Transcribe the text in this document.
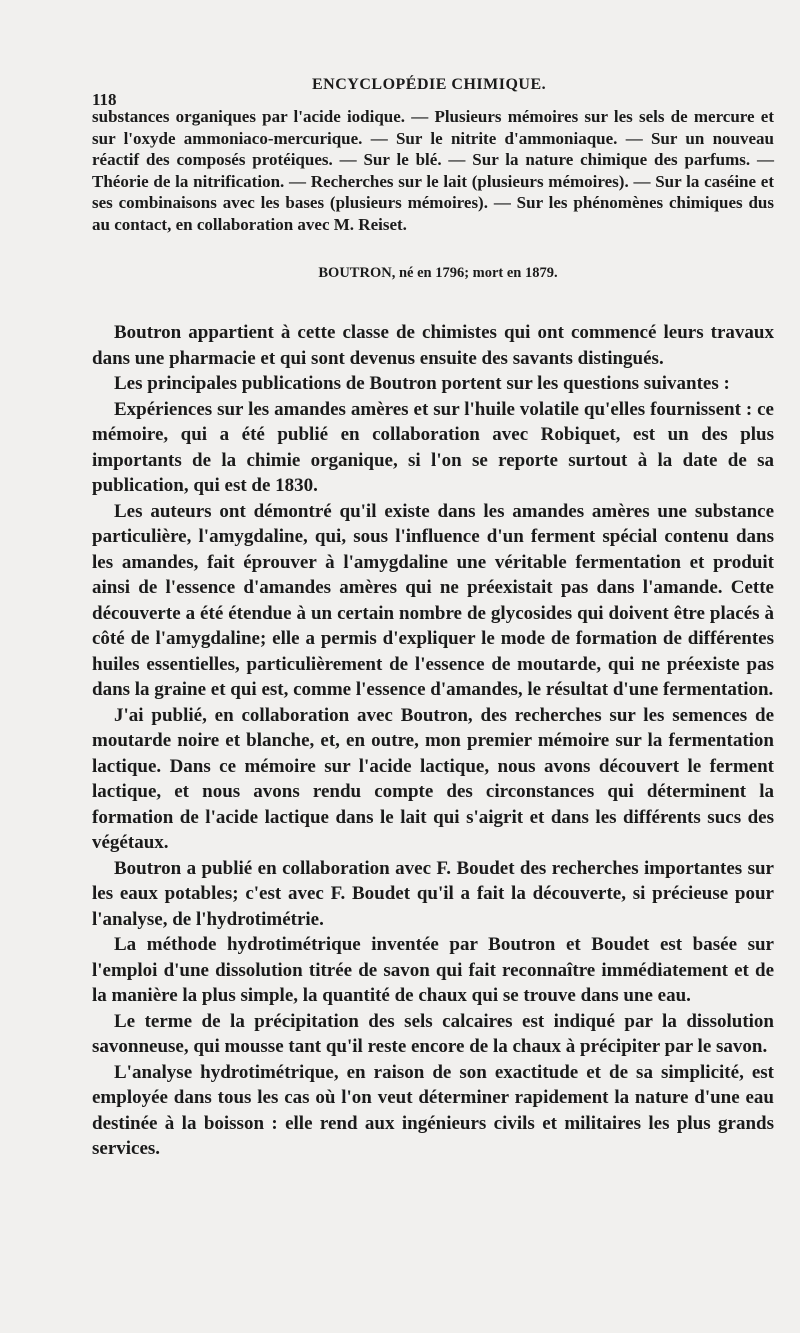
118
ENCYCLOPÉDIE CHIMIQUE.

substances organiques par l'acide iodique. — Plusieurs mémoires sur les sels de mercure et sur l'oxyde ammoniaco-mercurique. — Sur le nitrite d'ammoniaque. — Sur un nouveau réactif des composés protéiques. — Sur le blé. — Sur la nature chimique des parfums. — Théorie de la nitrification. — Recherches sur le lait (plusieurs mémoires). — Sur la caséine et ses combinaisons avec les bases (plusieurs mémoires). — Sur les phénomènes chimiques dus au contact, en collaboration avec M. Reiset.

BOUTRON, né en 1796; mort en 1879.

Boutron appartient à cette classe de chimistes qui ont commencé leurs travaux dans une pharmacie et qui sont devenus ensuite des savants distingués.

Les principales publications de Boutron portent sur les questions suivantes :

Expériences sur les amandes amères et sur l'huile volatile qu'elles fournissent : ce mémoire, qui a été publié en collaboration avec Robiquet, est un des plus importants de la chimie organique, si l'on se reporte surtout à la date de sa publication, qui est de 1830.

Les auteurs ont démontré qu'il existe dans les amandes amères une substance particulière, l'amygdaline, qui, sous l'influence d'un ferment spécial contenu dans les amandes, fait éprouver à l'amygdaline une véritable fermentation et produit ainsi de l'essence d'amandes amères qui ne préexistait pas dans l'amande. Cette découverte a été étendue à un certain nombre de glycosides qui doivent être placés à côté de l'amygdaline; elle a permis d'expliquer le mode de formation de différentes huiles essentielles, particulièrement de l'essence de moutarde, qui ne préexiste pas dans la graine et qui est, comme l'essence d'amandes, le résultat d'une fermentation.

J'ai publié, en collaboration avec Boutron, des recherches sur les semences de moutarde noire et blanche, et, en outre, mon premier mémoire sur la fermentation lactique. Dans ce mémoire sur l'acide lactique, nous avons découvert le ferment lactique, et nous avons rendu compte des circonstances qui déterminent la formation de l'acide lactique dans le lait qui s'aigrit et dans les différents sucs des végétaux.

Boutron a publié en collaboration avec F. Boudet des recherches importantes sur les eaux potables; c'est avec F. Boudet qu'il a fait la découverte, si précieuse pour l'analyse, de l'hydrotimétrie.

La méthode hydrotimétrique inventée par Boutron et Boudet est basée sur l'emploi d'une dissolution titrée de savon qui fait reconnaître immédiatement et de la manière la plus simple, la quantité de chaux qui se trouve dans une eau.

Le terme de la précipitation des sels calcaires est indiqué par la dissolution savonneuse, qui mousse tant qu'il reste encore de la chaux à précipiter par le savon.

L'analyse hydrotimétrique, en raison de son exactitude et de sa simplicité, est employée dans tous les cas où l'on veut déterminer rapidement la nature d'une eau destinée à la boisson : elle rend aux ingénieurs civils et militaires les plus grands services.
